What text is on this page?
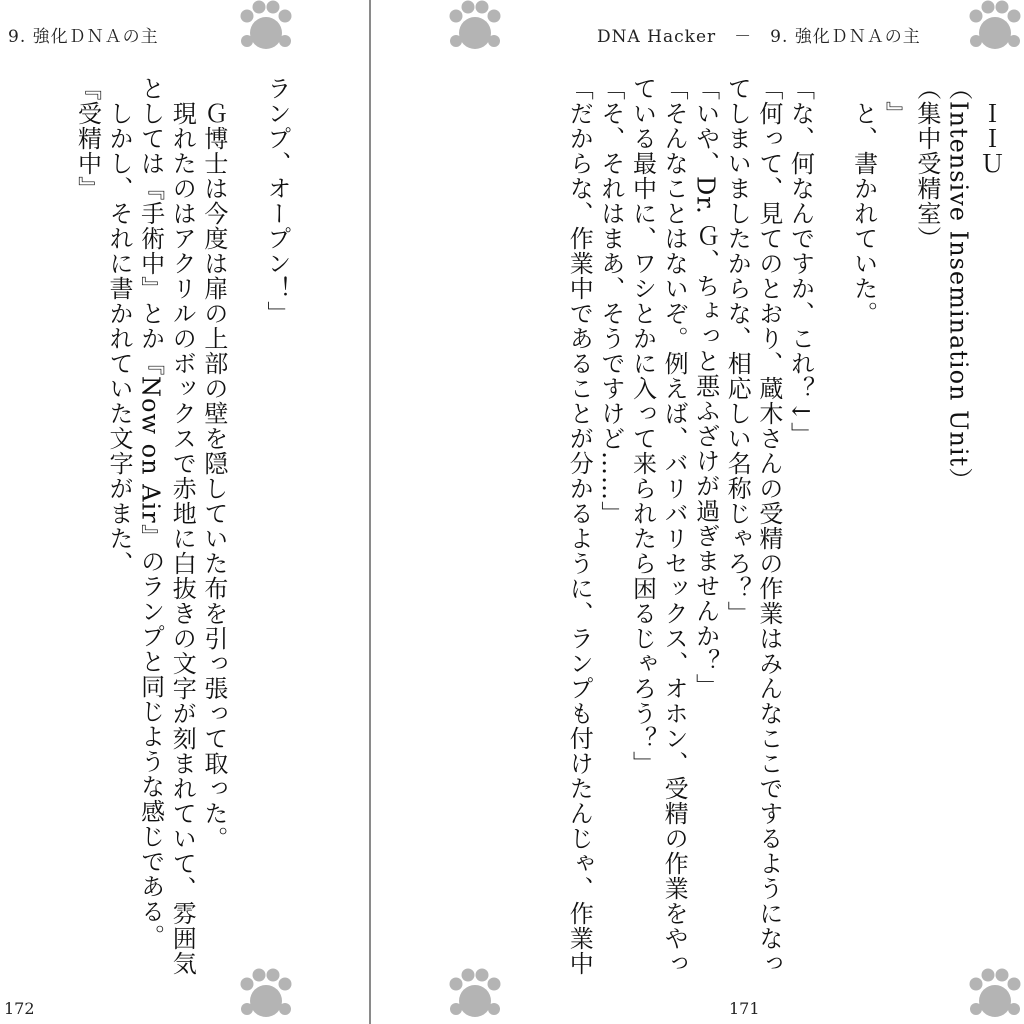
9. 強化ＤＮＡの主

ランプ、オープン！」

　Ｇ博士は今度は扉の上部の壁を隠していた布を引っ張って取った。

　現れたのはアクリルのボックスで赤地に白抜きの文字が刻まれていて、雰囲気

としては『手術中』とか『Now on Air』のランプと同じような感じである。

　しかし、それに書かれていた文字がまた、

『受精中』

172
DNA Hacker　－　9. 強化ＤＮＡの主

　ＩＩＵ

（Intensive Insemination Unit）

（集中受精室）

　』

　と、書かれていた。

「な、何なんですか、これ？↓」

「何って、見てのとおり、蔵木さんの受精の作業はみんなここでするようになっ

てしまいましたからな、相応しい名称じゃろ？」

「いや、Dr. Ｇ、ちょっと悪ふざけが過ぎませんか？」

「そんなことはないぞ。例えば、バリバリセックス、オホン、受精の作業をやっ

ている最中に、ワシとかに入って来られたら困るじゃろう？」

「そ、それはまあ、そうですけど……」

「だからな、作業中であることが分かるように、ランプも付けたんじゃ、作業中

171
